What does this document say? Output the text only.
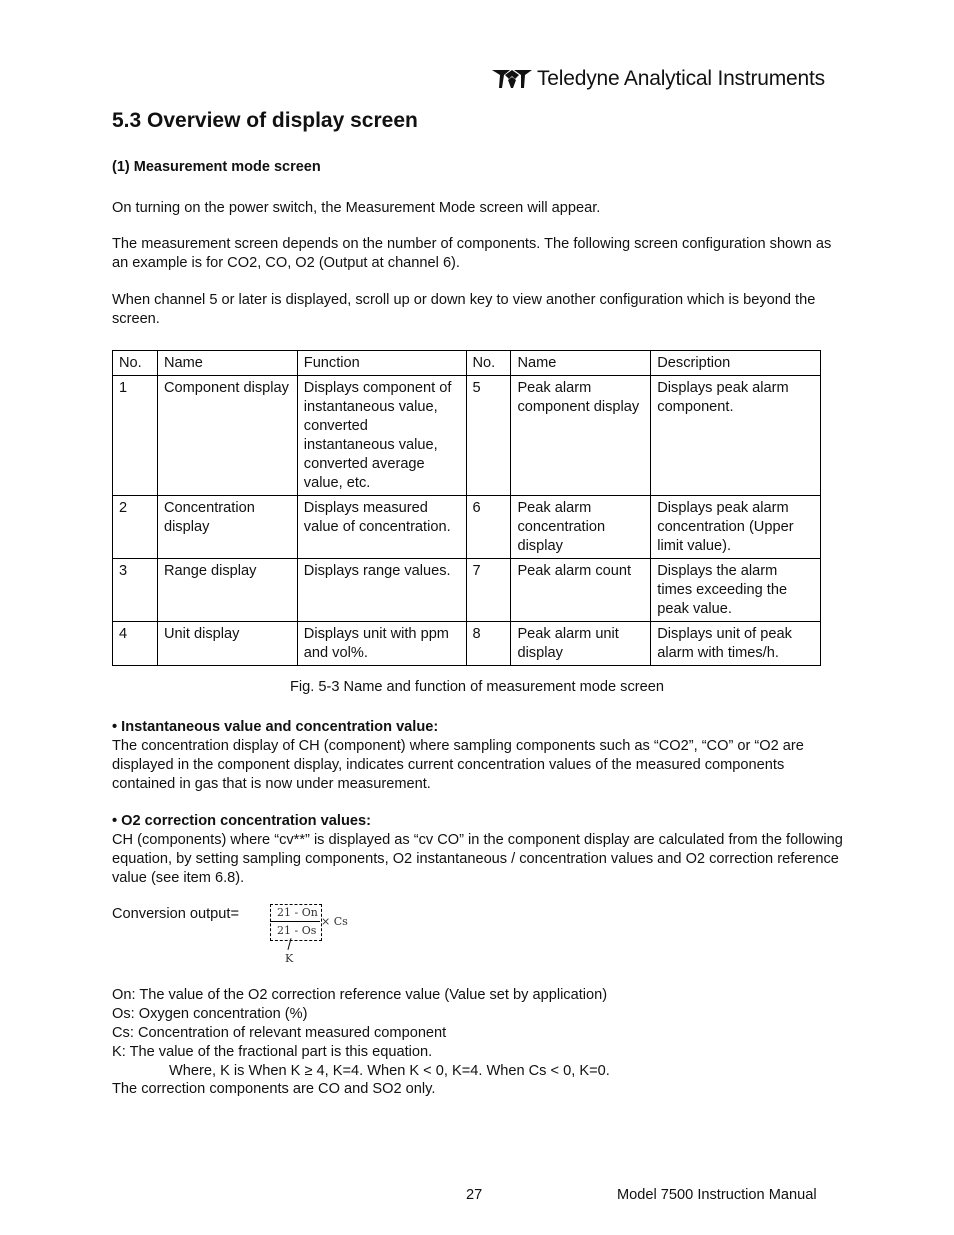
Teledyne Analytical Instruments
5.3 Overview of display screen
(1) Measurement mode screen
On turning on the power switch, the Measurement Mode screen will appear.
The measurement screen depends on the number of components. The following screen configuration shown as an example is for CO2, CO, O2 (Output at channel 6).
When channel 5 or later is displayed, scroll up or down key to view another configuration which is beyond the screen.
No.	Name	Function	No.	Name	Description
1	Component display	Displays component of instantaneous value, converted instantaneous value, converted average value, etc.	5	Peak alarm component display	Displays peak alarm component.
2	Concentration display	Displays measured value of concentration.	6	Peak alarm concentration display	Displays peak alarm concentration (Upper limit value).
3	Range display	Displays range values.	7	Peak alarm count	Displays the alarm times exceeding the peak value.
4	Unit display	Displays unit with ppm and vol%.	8	Peak alarm unit display	Displays unit of peak alarm with times/h.
Fig. 5-3 Name and function of measurement mode screen
• Instantaneous value and concentration value:
The concentration display of CH (component) where sampling components such as “CO2”, “CO” or “O2 are displayed in the component display, indicates current concentration values of the measured components contained in gas that is now under measurement.
• O2 correction concentration values:
CH (components) where “cv**” is displayed as “cv CO” in the component display are calculated from the following equation, by setting sampling components, O2 instantaneous / concentration values and O2 correction reference value (see item 6.8).
Conversion output=	21 - On
21 - Os
× Cs
K
On: The value of the O2 correction reference value (Value set by application)
Os: Oxygen concentration (%)
Cs: Concentration of relevant measured component
K: The value of the fractional part is this equation.
Where, K is When K ≥ 4, K=4. When K < 0, K=4. When Cs < 0, K=0.
The correction components are CO and SO2 only.
27	Model 7500 Instruction Manual
